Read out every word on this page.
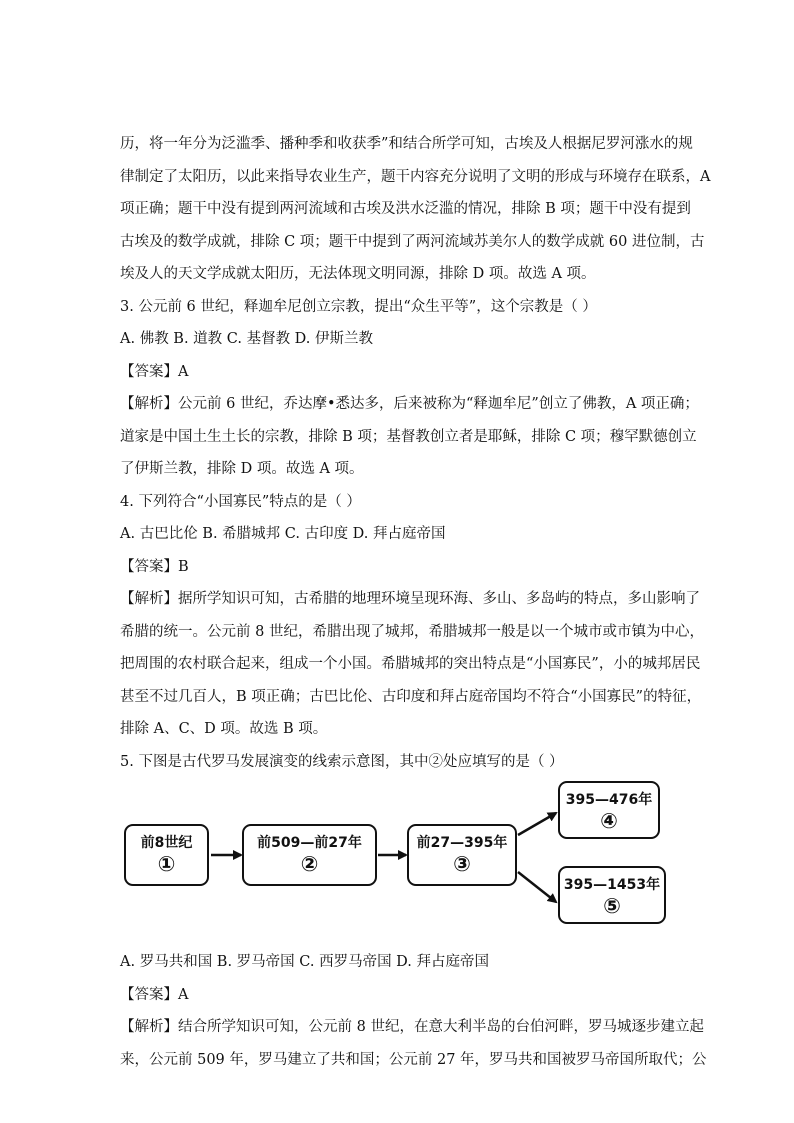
历，将一年分为泛滥季、播种季和收获季”和结合所学可知，古埃及人根据尼罗河涨水的规
律制定了太阳历，以此来指导农业生产，题干内容充分说明了文明的形成与环境存在联系，A
项正确；题干中没有提到两河流域和古埃及洪水泛滥的情况，排除 B 项；题干中没有提到
古埃及的数学成就，排除 C 项；题干中提到了两河流域苏美尔人的数学成就 60 进位制，古
埃及人的天文学成就太阳历，无法体现文明同源，排除 D 项。故选 A 项。
3. 公元前 6 世纪，释迦牟尼创立宗教，提出“众生平等”，这个宗教是（ ）
A. 佛教 B. 道教 C. 基督教 D. 伊斯兰教
【答案】A
【解析】公元前 6 世纪，乔达摩•悉达多，后来被称为“释迦牟尼”创立了佛教，A 项正确；
道家是中国土生土长的宗教，排除 B 项；基督教创立者是耶稣，排除 C 项；穆罕默德创立
了伊斯兰教，排除 D 项。故选 A 项。
4. 下列符合“小国寡民”特点的是（ ）
A. 古巴比伦 B. 希腊城邦 C. 古印度 D. 拜占庭帝国
【答案】B
【解析】据所学知识可知，古希腊的地理环境呈现环海、多山、多岛屿的特点，多山影响了
希腊的统一。公元前 8 世纪，希腊出现了城邦，希腊城邦一般是以一个城市或市镇为中心，
把周围的农村联合起来，组成一个小国。希腊城邦的突出特点是“小国寡民”，小的城邦居民
甚至不过几百人，B 项正确；古巴比伦、古印度和拜占庭帝国均不符合“小国寡民”的特征，
排除 A、C、D 项。故选 B 项。
5. 下图是古代罗马发展演变的线索示意图，其中②处应填写的是（ ）
前8世纪
①
前509—前27年
②
前27—395年
③
395—476年
④
395—1453年
⑤
A. 罗马共和国 B. 罗马帝国 C. 西罗马帝国 D. 拜占庭帝国
【答案】A
【解析】结合所学知识可知，公元前 8 世纪，在意大利半岛的台伯河畔，罗马城逐步建立起
来，公元前 509 年，罗马建立了共和国；公元前 27 年，罗马共和国被罗马帝国所取代；公
